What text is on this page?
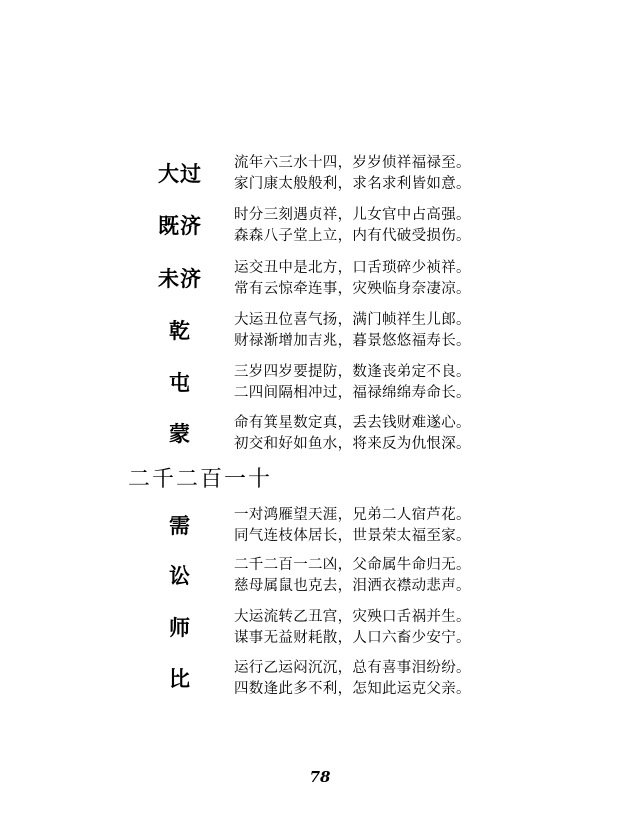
大过	流年六三水十四，岁岁侦祥福禄至。
家门康太般般利，求名求利皆如意。
既济	时分三刻遇贞祥，儿女官中占高强。
森森八子堂上立，内有代破受损伤。
未济	运交丑中是北方，口舌琐碎少祯祥。
常有云惊牵连事，灾殃临身奈凄凉。
乾	大运丑位喜气扬，满门帧祥生儿郎。
财禄渐增加吉兆，暮景悠悠福寿长。
屯	三岁四岁要提防，数逢丧弟定不良。
二四间隔相冲过，福禄绵绵寿命长。
蒙	命有箕星数定真，丢去钱财难遂心。
初交和好如鱼水，将来反为仇恨深。
二千二百一十
需	一对鸿雁望天涯，兄弟二人宿芦花。
同气连枝体居长，世景荣太福至家。
讼	二千二百一二凶，父命属牛命归无。
慈母属鼠也克去，泪洒衣襟动悲声。
师	大运流转乙丑宫，灾殃口舌祸并生。
谋事无益财耗散，人口六畜少安宁。
比	运行乙运闷沉沉，总有喜事泪纷纷。
四数逢此多不利，怎知此运克父亲。
78
